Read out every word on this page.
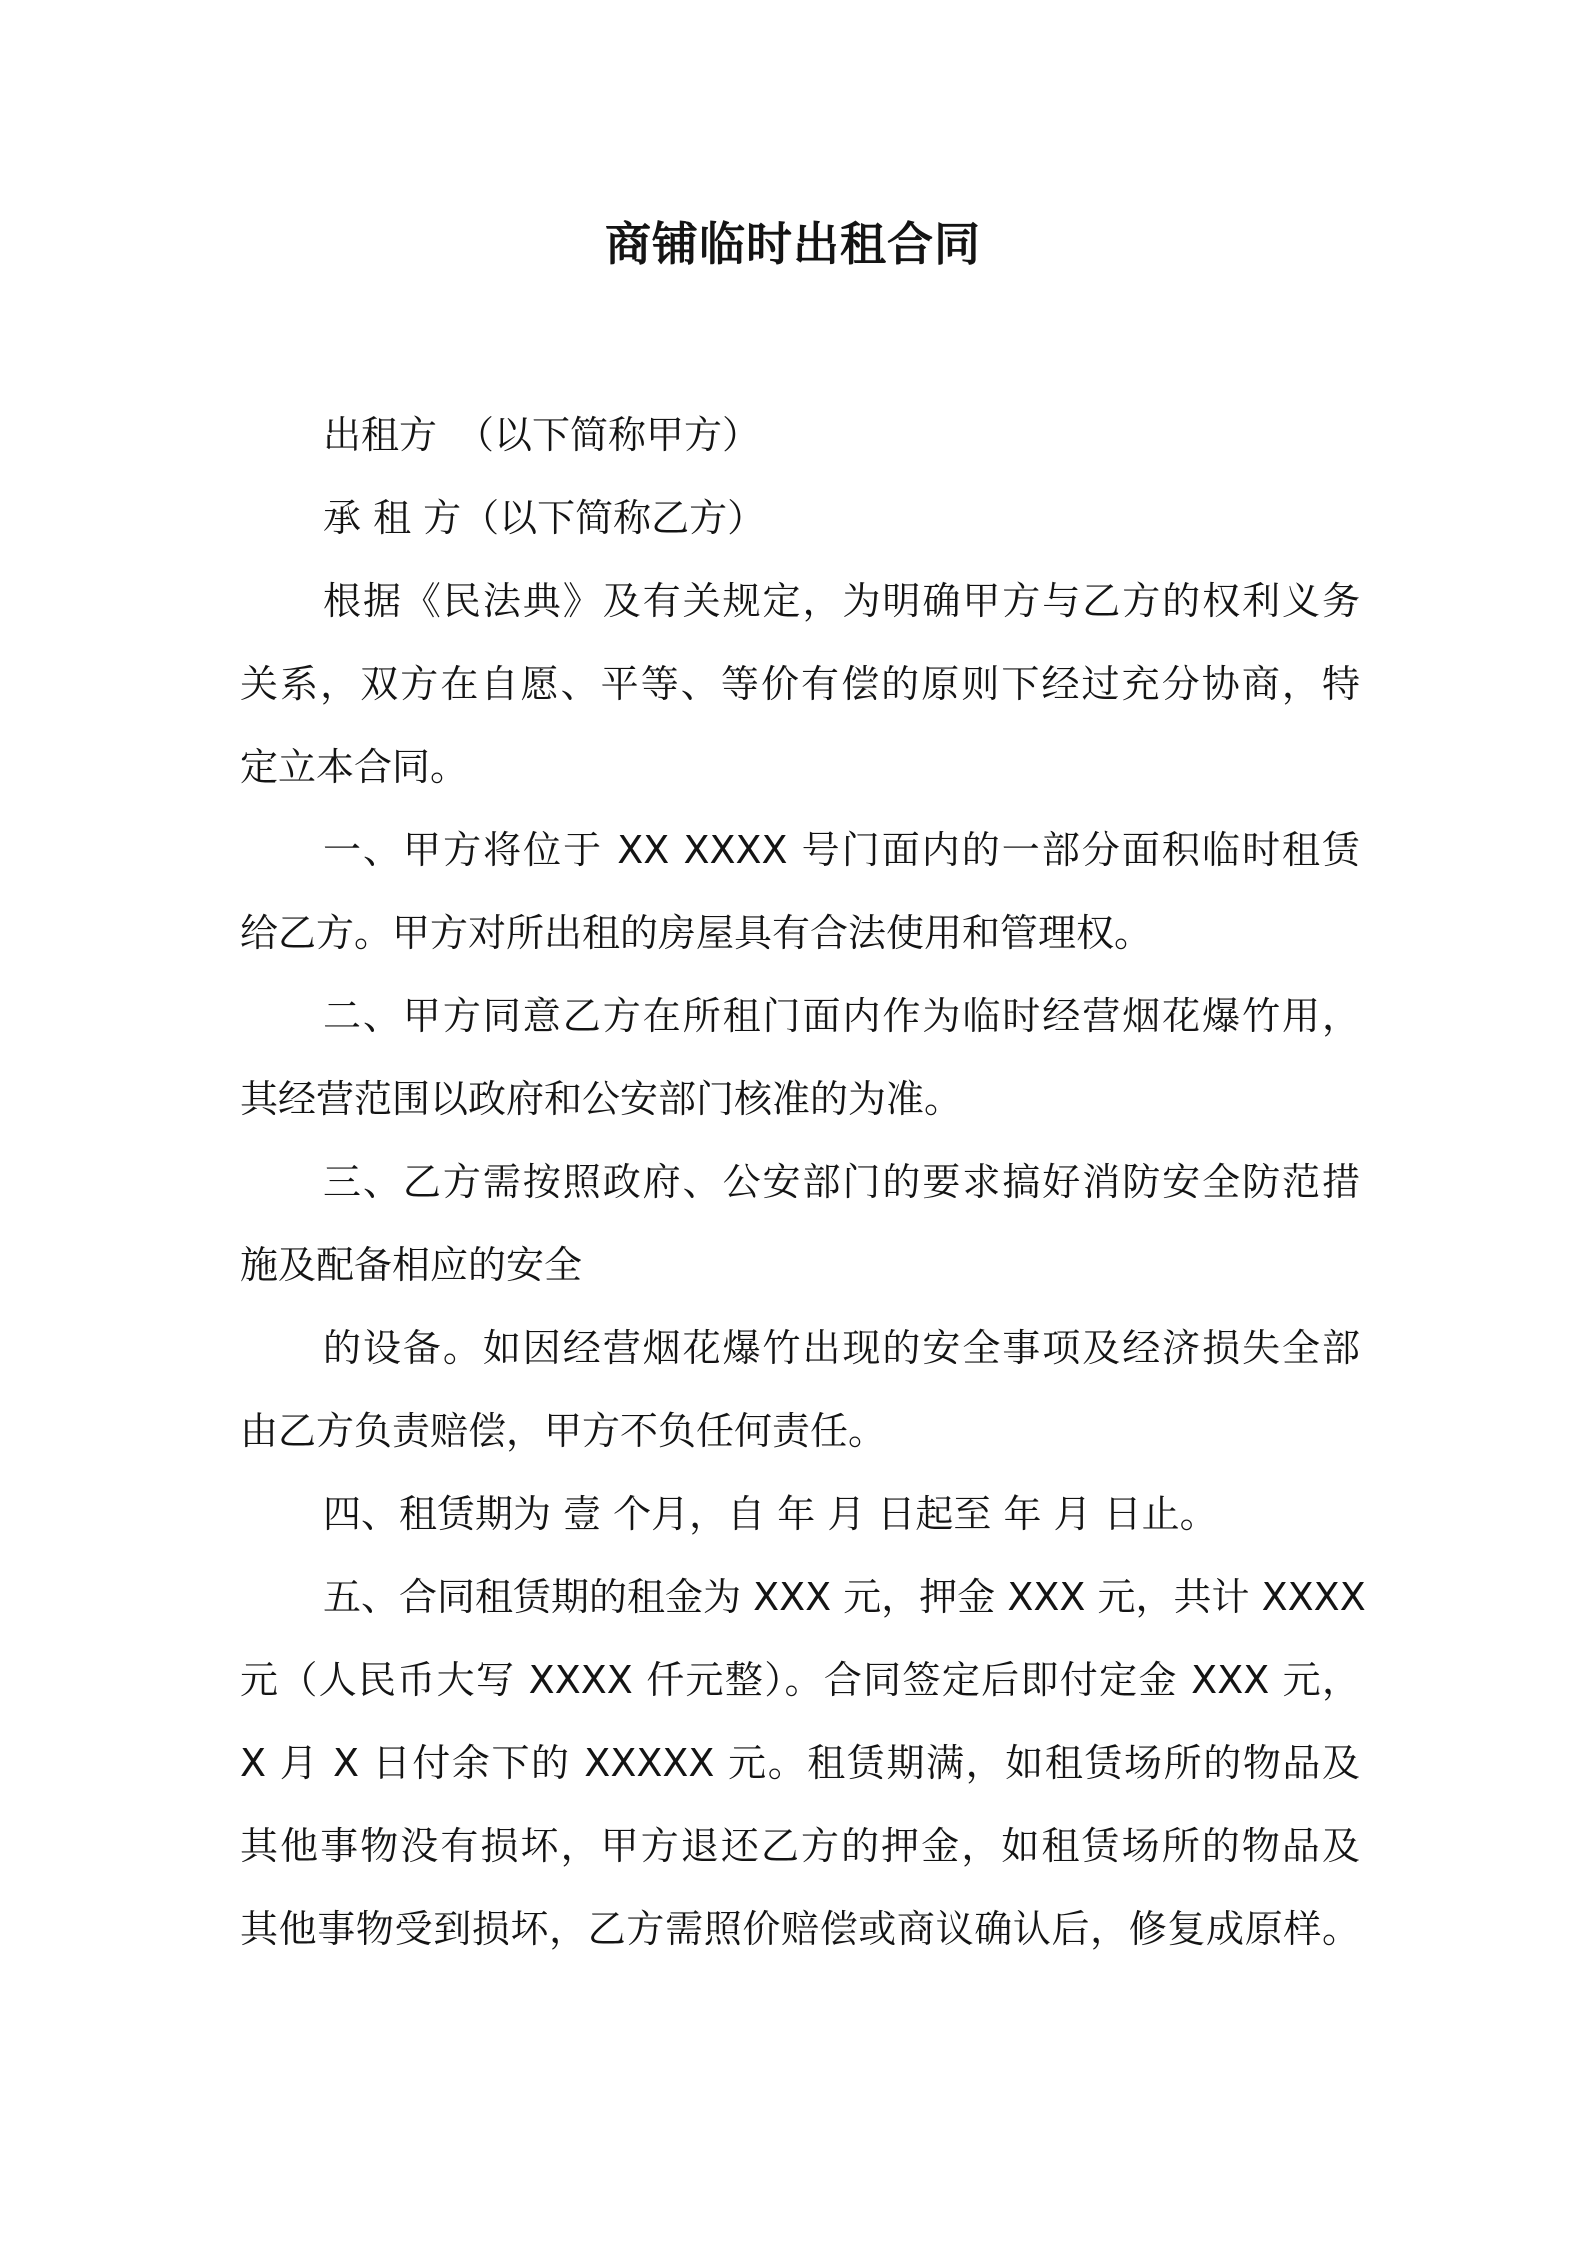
商铺临时出租合同
出租方　（以下简称甲方）
承 租 方（以下简称乙方）
根据《民法典》及有关规定，为明确甲方与乙方的权利义务
关系，双方在自愿、平等、等价有偿的原则下经过充分协商，特
定立本合同。
一、甲方将位于 XX XXXX 号门面内的一部分面积临时租赁
给乙方。甲方对所出租的房屋具有合法使用和管理权。
二、甲方同意乙方在所租门面内作为临时经营烟花爆竹用，
其经营范围以政府和公安部门核准的为准。
三、乙方需按照政府、公安部门的要求搞好消防安全防范措
施及配备相应的安全
的设备。如因经营烟花爆竹出现的安全事项及经济损失全部
由乙方负责赔偿，甲方不负任何责任。
四、租赁期为 壹 个月，自 年 月 日起至 年 月 日止。
五、合同租赁期的租金为 XXX 元，押金 XXX 元，共计 XXXX
元（人民币大写 XXXX 仟元整）。合同签定后即付定金 XXX 元，
X 月 X 日付余下的 XXXXX 元。租赁期满，如租赁场所的物品及
其他事物没有损坏，甲方退还乙方的押金，如租赁场所的物品及
其他事物受到损坏，乙方需照价赔偿或商议确认后，修复成原样。
